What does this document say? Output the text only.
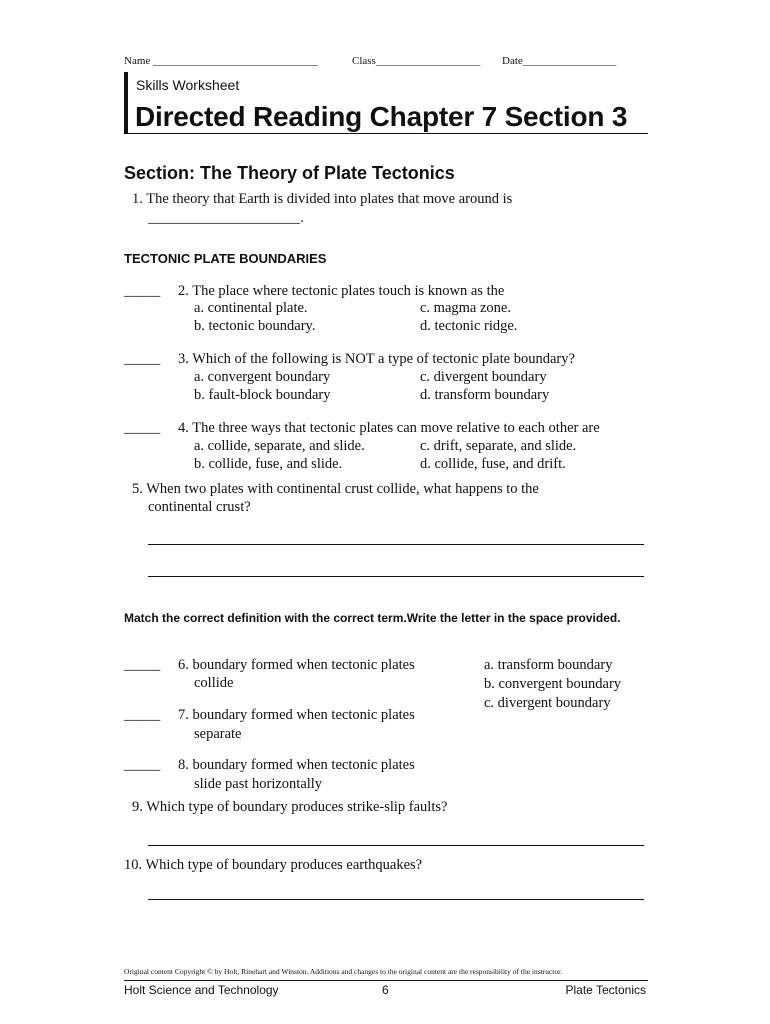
Name ______________________________	Class___________________ Date_________________
Skills Worksheet
Directed Reading Chapter 7 Section 3
Section: The Theory of Plate Tectonics
1. The theory that Earth is divided into plates that move around is
_____________________.
TECTONIC PLATE BOUNDARIES
_____ 2. The place where tectonic plates touch is known as the
a. continental plate.
b. tectonic boundary.
c. magma zone.
d. tectonic ridge.
_____ 3. Which of the following is NOT a type of tectonic plate boundary?
a. convergent boundary
b. fault-block boundary
c. divergent boundary
d. transform boundary
_____ 4. The three ways that tectonic plates can move relative to each other are
a. collide, separate, and slide.
b. collide, fuse, and slide.
c. drift, separate, and slide.
d. collide, fuse, and drift.
5. When two plates with continental crust collide, what happens to the
continental crust?
Match the correct definition with the correct term.Write the letter in the space provided.
_____ 6. boundary formed when tectonic plates
collide
_____ 7. boundary formed when tectonic plates
separate
_____ 8. boundary formed when tectonic plates
slide past horizontally
a. transform boundary
b. convergent boundary
c. divergent boundary
9. Which type of boundary produces strike-slip faults?
10. Which type of boundary produces earthquakes?
Original content Copyright © by Holt, Rinehart and Winston. Additions and changes to the original content are the responsibility of the instructor.
Holt Science and Technology	6	Plate Tectonics
